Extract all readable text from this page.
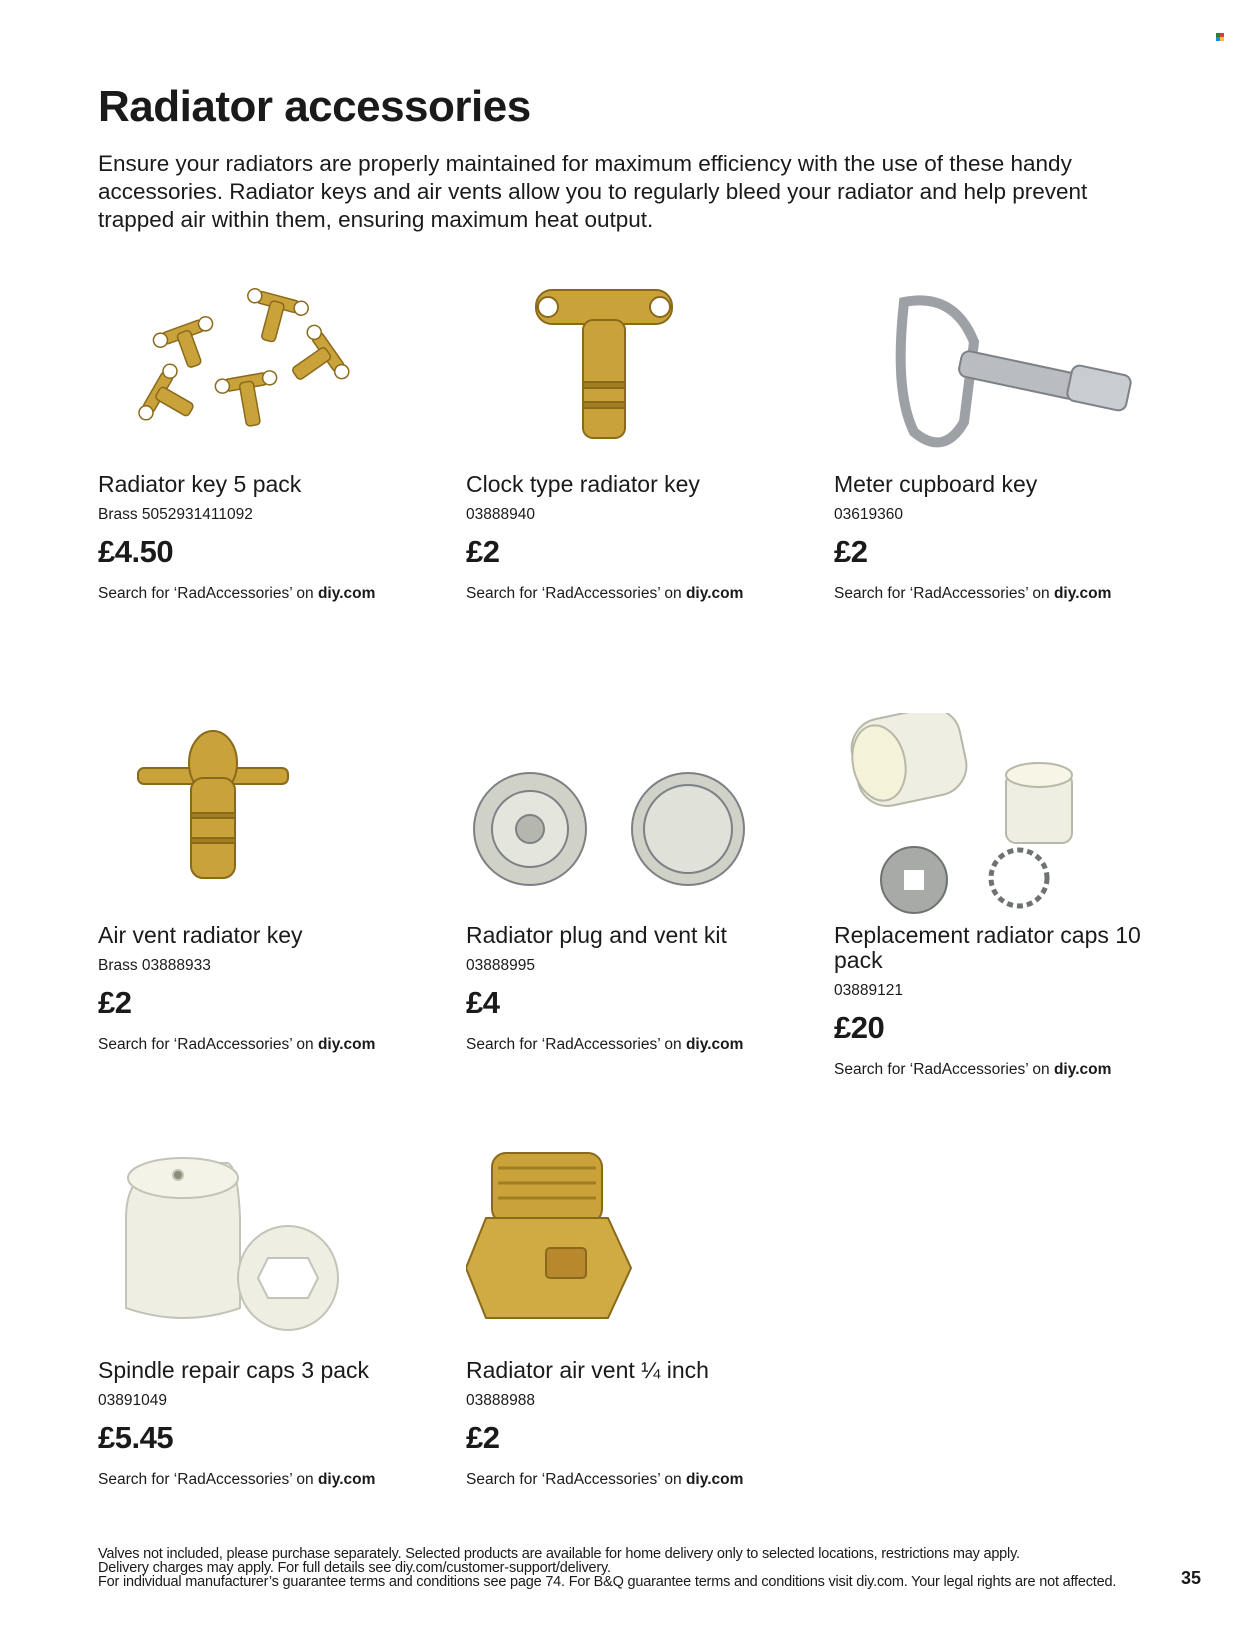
Radiator accessories

Ensure your radiators are properly maintained for maximum efficiency with the use of these handy accessories. Radiator keys and air vents allow you to regularly bleed your radiator and help prevent trapped air within them, ensuring maximum heat output.

Radiator key 5 pack
Brass 5052931411092
£4.50
Search for ‘RadAccessories’ on diy.com
Clock type radiator key
03888940
£2
Search for ‘RadAccessories’ on diy.com
Meter cupboard key
03619360
£2
Search for ‘RadAccessories’ on diy.com
Air vent radiator key
Brass 03888933
£2
Search for ‘RadAccessories’ on diy.com
Radiator plug and vent kit
03888995
£4
Search for ‘RadAccessories’ on diy.com
Replacement radiator caps 10 pack
03889121
£20
Search for ‘RadAccessories’ on diy.com
Spindle repair caps 3 pack
03891049
£5.45
Search for ‘RadAccessories’ on diy.com
Radiator air vent ¼ inch
03888988
£2
Search for ‘RadAccessories’ on diy.com
Valves not included, please purchase separately. Selected products are available for home delivery only to selected locations, restrictions may apply.
Delivery charges may apply. For full details see diy.com/customer-support/delivery.
For individual manufacturer’s guarantee terms and conditions see page 74. For B&Q guarantee terms and conditions visit diy.com. Your legal rights are not affected.	35
